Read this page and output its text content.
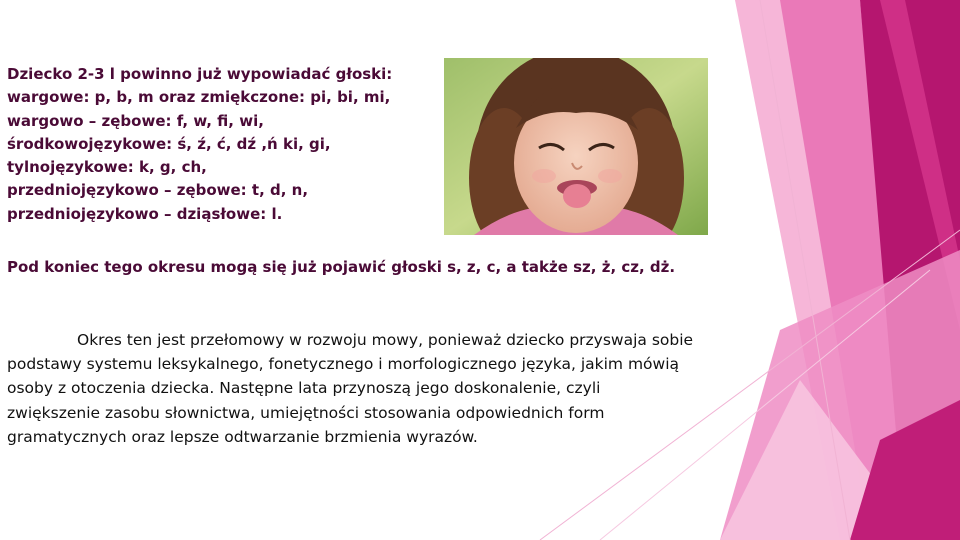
Dziecko 2-3 l powinno już wypowiadać głoski:
wargowe: p, b, m oraz zmiękczone: pi, bi, mi,
wargowo – zębowe: f, w, fi, wi,
środkowojęzykowe: ś, ź, ć, dź ,ń ki, gi,
tylnojęzykowe: k, g, ch,
przedniojęzykowo – zębowe: t, d, n,
przedniojęzykowo – dziąsłowe: l.
Pod koniec tego okresu mogą się już pojawić głoski s, z, c, a także sz, ż, cz, dż.
Okres ten jest przełomowy w rozwoju mowy, ponieważ dziecko przyswaja sobie podstawy systemu leksykalnego, fonetycznego i morfologicznego języka, jakim mówią osoby z otoczenia dziecka. Następne lata przynoszą jego doskonalenie, czyli zwiększenie zasobu słownictwa, umiejętności stosowania odpowiednich form gramatycznych oraz lepsze odtwarzanie brzmienia wyrazów.
